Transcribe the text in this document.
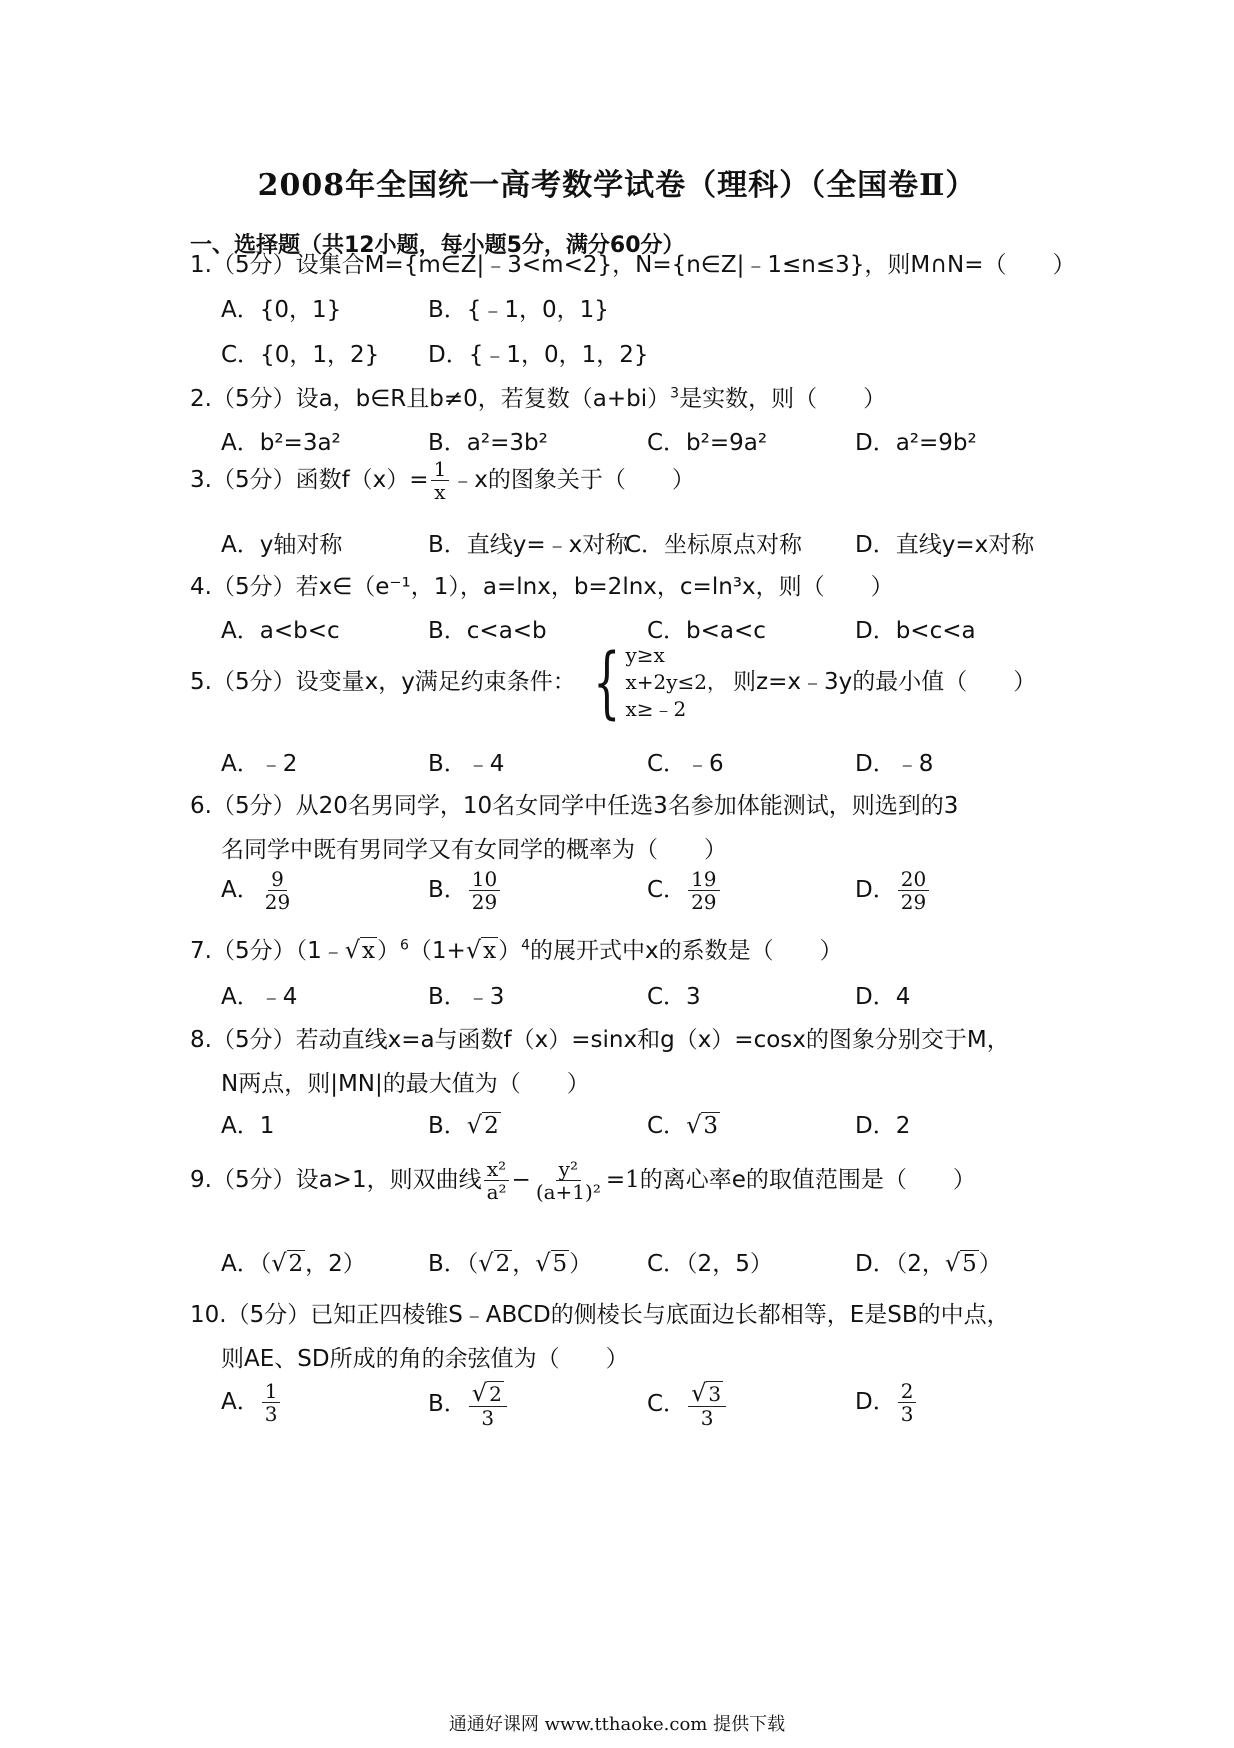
2008年全国统一高考数学试卷（理科）（全国卷Ⅱ）
一、选择题（共12小题，每小题5分，满分60分）
1.（5分）设集合M={m∈Z|﹣3<m<2}，N={n∈Z|﹣1≤n≤3}，则M∩N=（　　）
A．{0，1}	B．{﹣1，0，1}
C．{0，1，2} D．{﹣1，0，1，2}
2.（5分）设a，b∈R且b≠0，若复数$(a+bi)^3$是实数，则（　　）
A．b²=3a²	B．a²=3b²	C．b²=9a²	D．a²=9b²
3.（5分）函数$f(x)= \frac{1}{x}$ ﹣x的图象关于（　　）
A．y轴对称	B．直线y=﹣x对称
C．坐标原点对称 D．直线y=x对称
4.（5分）若x∈（e⁻¹，1），a=lnx，b=2lnx，c=ln³x，则（　　）
A．a<b<c	B．c<a<b	C．b<a<c	D．b<c<a
5.（5分）设变量x，y满足约束条件： { y≥x
x+2y≤2，
x≥﹣2
则z=x﹣3y的最小值（　　）
A．﹣2	B．﹣4	C．﹣6	D．﹣8
6.（5分）从20名男同学，10名女同学中任选3名参加体能测试，则选到的3
名同学中既有男同学又有女同学的概率为（　　）
A． $\frac{9}{29}$	B． $\frac{10}{29}$	C． $\frac{19}{29}$	D． $\frac{20}{29}$
7.（5分）$(1﹣√x)^6(1+√x)^4$的展开式中x的系数是（　　）
A．﹣4	B．﹣3	C．3	D．4
8.（5分）若动直线x=a与函数f（x）=sinx和g（x）=cosx的图象分别交于M，
N两点，则|MN|的最大值为（　　）
A．1	B．√2	C．√3	D．2
9.（5分）设a>1，则双曲线 $\frac{\text{x²}}{\text{a²}} - \frac{\text{y²}}{\text{(a+1)²}} =1$的离心率e的取值范围是（　　）
A．（√2，2）	B．（√2，√5） C．（2，5）	D．（2，√5）
10.（5分）已知正四棱锥S﹣ABCD的侧棱长与底面边长都相等，E是SB的中点，
则AE、SD所成的角的余弦值为（　　）
A． $\frac{1}{3}$	B． $\frac{√ 2}{3}$	C． $\frac{√ 3}{3}$	D． $\frac{2}{3}$
通通好课网 www.tthaoke.com 提供下载
